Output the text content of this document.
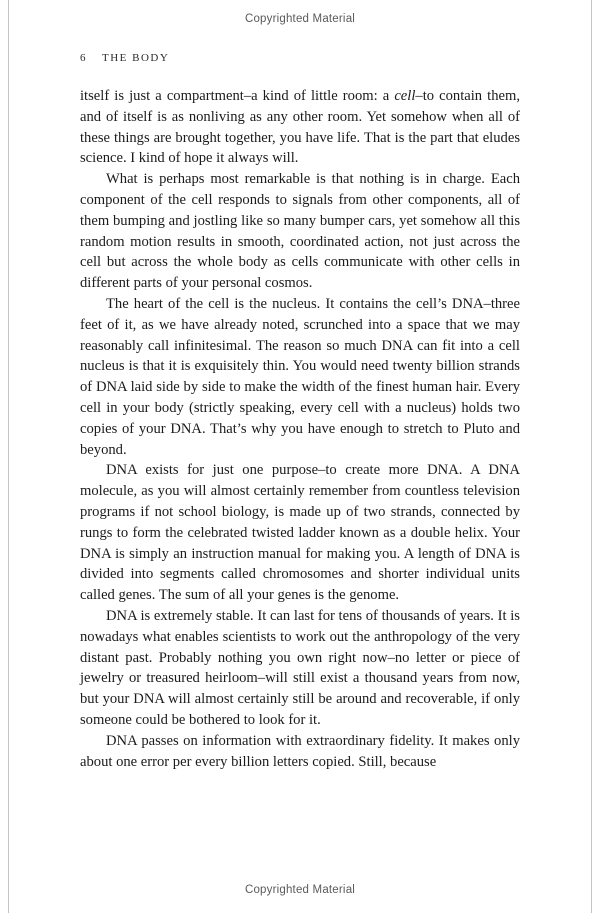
Copyrighted Material
6 THE BODY

itself is just a compartment–a kind of little room: a cell–to contain them, and of itself is as nonliving as any other room. Yet somehow when all of these things are brought together, you have life. That is the part that eludes science. I kind of hope it always will.

What is perhaps most remarkable is that nothing is in charge. Each component of the cell responds to signals from other components, all of them bumping and jostling like so many bumper cars, yet somehow all this random motion results in smooth, coordinated action, not just across the cell but across the whole body as cells communicate with other cells in different parts of your personal cosmos.

The heart of the cell is the nucleus. It contains the cell’s DNA–three feet of it, as we have already noted, scrunched into a space that we may reasonably call infinitesimal. The reason so much DNA can fit into a cell nucleus is that it is exquisitely thin. You would need twenty billion strands of DNA laid side by side to make the width of the finest human hair. Every cell in your body (strictly speaking, every cell with a nucleus) holds two copies of your DNA. That’s why you have enough to stretch to Pluto and beyond.

DNA exists for just one purpose–to create more DNA. A DNA molecule, as you will almost certainly remember from countless television programs if not school biology, is made up of two strands, connected by rungs to form the celebrated twisted ladder known as a double helix. Your DNA is simply an instruction manual for making you. A length of DNA is divided into segments called chromosomes and shorter individual units called genes. The sum of all your genes is the genome.

DNA is extremely stable. It can last for tens of thousands of years. It is nowadays what enables scientists to work out the anthropology of the very distant past. Probably nothing you own right now–no letter or piece of jewelry or treasured heirloom–will still exist a thousand years from now, but your DNA will almost certainly still be around and recoverable, if only someone could be bothered to look for it.

DNA passes on information with extraordinary fidelity. It makes only about one error per every billion letters copied. Still, because

Copyrighted Material
